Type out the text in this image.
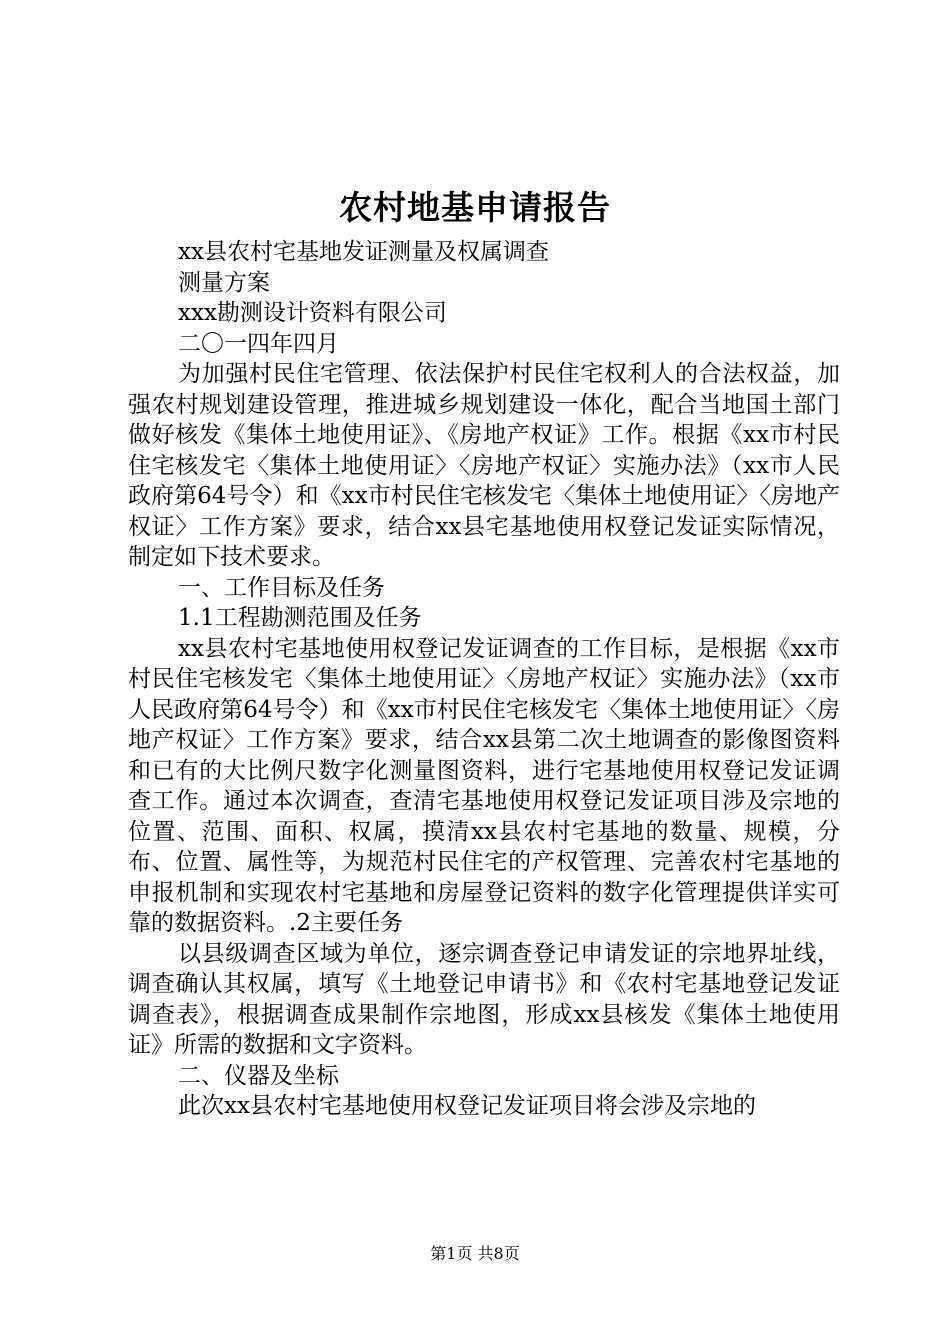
农村地基申请报告

xx县农村宅基地发证测量及权属调查

测量方案

xxx勘测设计资料有限公司

二〇一四年四月

为加强村民住宅管理、依法保护村民住宅权利人的合法权益，加强农村规划建设管理，推进城乡规划建设一体化，配合当地国土部门做好核发《集体土地使用证》、《房地产权证》工作。根据《xx市村民住宅核发宅〈集体土地使用证〉〈房地产权证〉实施办法》（xx市人民政府第64号令）和《xx市村民住宅核发宅〈集体土地使用证〉〈房地产权证〉工作方案》要求，结合xx县宅基地使用权登记发证实际情况，制定如下技术要求。

一、工作目标及任务

1.1工程勘测范围及任务

xx县农村宅基地使用权登记发证调查的工作目标，是根据《xx市村民住宅核发宅〈集体土地使用证〉〈房地产权证〉实施办法》（xx市人民政府第64号令）和《xx市村民住宅核发宅〈集体土地使用证〉〈房地产权证〉工作方案》要求，结合xx县第二次土地调查的影像图资料和已有的大比例尺数字化测量图资料，进行宅基地使用权登记发证调查工作。通过本次调查，查清宅基地使用权登记发证项目涉及宗地的位置、范围、面积、权属，摸清xx县农村宅基地的数量、规模，分布、位置、属性等，为规范村民住宅的产权管理、完善农村宅基地的申报机制和实现农村宅基地和房屋登记资料的数字化管理提供详实可靠的数据资料。.2主要任务

以县级调查区域为单位，逐宗调查登记申请发证的宗地界址线，调查确认其权属，填写《土地登记申请书》和《农村宅基地登记发证调查表》，根据调查成果制作宗地图，形成xx县核发《集体土地使用证》所需的数据和文字资料。

二、仪器及坐标

此次xx县农村宅基地使用权登记发证项目将会涉及宗地的

第1页 共8页
